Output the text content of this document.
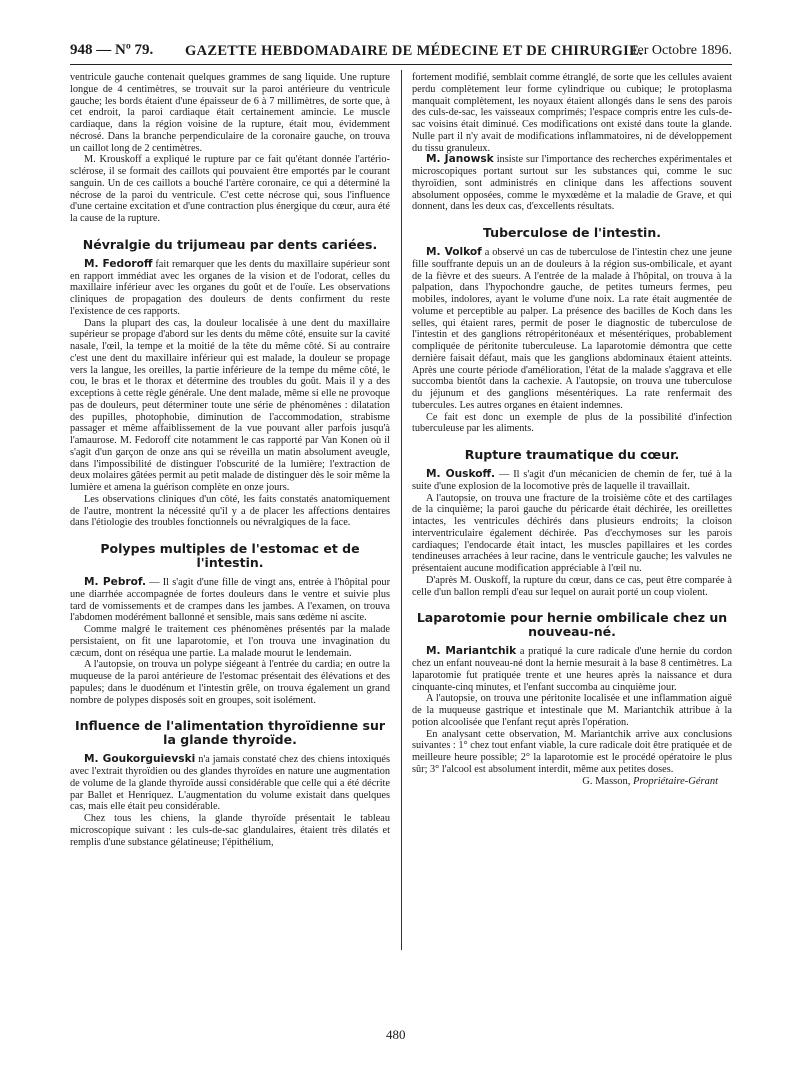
948 — Nº 79. GAZETTE HEBDOMADAIRE DE MÉDECINE ET DE CHIRURGIE.
1er Octobre 1896.

ventricule gauche contenait quelques grammes de sang liquide. Une rupture longue de 4 centimètres, se trouvait sur la paroi antérieure du ventricule gauche; les bords étaient d'une épaisseur de 6 à 7 millimètres, de sorte que, à cet endroit, la paroi cardiaque était certainement amincie. Le muscle cardiaque, dans la région voisine de la rupture, était mou, évidemment nécrosé. Dans la branche perpendiculaire de la coronaire gauche, on trouva un caillot long de 2 centimètres.

M. Krouskoff a expliqué le rupture par ce fait qu'étant donnée l'artério-sclérose, il se formait des caillots qui pouvaient être emportés par le courant sanguin. Un de ces caillots a bouché l'artère coronaire, ce qui a déterminé la nécrose de la paroi du ventricule. C'est cette nécrose qui, sous l'influence d'une certaine excitation et d'une contraction plus énergique du cœur, aura été la cause de la rupture.

Névralgie du trijumeau par dents cariées.

M. Fedoroff fait remarquer que les dents du maxillaire supérieur sont en rapport immédiat avec les organes de la vision et de l'odorat, celles du maxillaire inférieur avec les organes du goût et de l'ouïe. Les observations cliniques de propagation des douleurs de dents confirment du reste l'existence de ces rapports.

Dans la plupart des cas, la douleur localisée à une dent du maxillaire supérieur se propage d'abord sur les dents du même côté, ensuite sur la cavité nasale, l'œil, la tempe et la moitié de la tête du même côté. Si au contraire c'est une dent du maxillaire inférieur qui est malade, la douleur se propage vers la langue, les oreilles, la partie inférieure de la tempe du même côté, le cou, le bras et le thorax et détermine des troubles du goût. Mais il y a des exceptions à cette règle générale. Une dent malade, même si elle ne provoque pas de douleurs, peut déterminer toute une série de phénomènes : dilatation des pupilles, photophobie, diminution de l'accommodation, strabisme passager et même affaiblissement de la vue pouvant aller parfois jusqu'à l'amaurose. M. Fedoroff cite notamment le cas rapporté par Van Konen où il s'agit d'un garçon de onze ans qui se réveilla un matin absolument aveugle, dans l'impossibilité de distinguer l'obscurité de la lumière; l'extraction de deux molaires gâtées permit au petit malade de distinguer dès le soir même la lumière et amena la guérison complète en onze jours.

Les observations cliniques d'un côté, les faits constatés anatomiquement de l'autre, montrent la nécessité qu'il y a de placer les affections dentaires dans l'étiologie des troubles fonctionnels ou névralgiques de la face.

Polypes multiples de l'estomac et de l'intestin.

M. Pebrof. — Il s'agit d'une fille de vingt ans, entrée à l'hôpital pour une diarrhée accompagnée de fortes douleurs dans le ventre et suivie plus tard de vomissements et de crampes dans les jambes. A l'examen, on trouva l'abdomen modérément ballonné et sensible, mais sans œdème ni ascite.

Comme malgré le traitement ces phénomènes présentés par la malade persistaient, on fit une laparotomie, et l'on trouva une invagination du cæcum, dont on réséqua une partie. La malade mourut le lendemain.

A l'autopsie, on trouva un polype siégeant à l'entrée du cardia; en outre la muqueuse de la paroi antérieure de l'estomac présentait des élévations et des papules; dans le duodénum et l'intestin grêle, on trouva également un grand nombre de polypes disposés soit en groupes, soit isolément.

Influence de l'alimentation thyroïdienne sur la glande thyroïde.

M. Goukorguievski n'a jamais constaté chez des chiens intoxiqués avec l'extrait thyroïdien ou des glandes thyroïdes en nature une augmentation de volume de la glande thyroïde aussi considérable que celle qui a été décrite par Ballet et Henriquez. L'augmentation du volume existait dans quelques cas, mais elle était peu considérable.

Chez tous les chiens, la glande thyroïde présentait le tableau microscopique suivant : les culs-de-sac glandulaires, étaient très dilatés et remplis d'une substance gélatineuse; l'épithélium,

fortement modifié, semblait comme étranglé, de sorte que les cellules avaient perdu complètement leur forme cylindrique ou cubique; le protoplasma manquait complètement, les noyaux étaient allongés dans le sens des parois des culs-de-sac, les vaisseaux comprimés; l'espace compris entre les culs-de-sac voisins était diminué. Ces modifications ont existé dans toute la glande. Nulle part il n'y avait de modifications inflammatoires, ni de développement du tissu granuleux.

M. Janowsk insiste sur l'importance des recherches expérimentales et microscopiques portant surtout sur les substances qui, comme le suc thyroïdien, sont administrés en clinique dans les affections souvent absolument opposées, comme le myxœdème et la maladie de Grave, et qui donnent, dans les deux cas, d'excellents résultats.

Tuberculose de l'intestin.

M. Volkof a observé un cas de tuberculose de l'intestin chez une jeune fille souffrante depuis un an de douleurs à la région sus-ombilicale, et ayant de la fièvre et des sueurs. A l'entrée de la malade à l'hôpital, on trouva à la palpation, dans l'hypochondre gauche, de petites tumeurs fermes, peu mobiles, indolores, ayant le volume d'une noix. La rate était augmentée de volume et perceptible au palper. La présence des bacilles de Koch dans les selles, qui étaient rares, permit de poser le diagnostic de tuberculose de l'intestin et des ganglions rétropéritonéaux et mésentériques, probablement compliquée de péritonite tuberculeuse. La laparotomie démontra que cette dernière faisait défaut, mais que les ganglions abdominaux étaient atteints. Après une courte période d'amélioration, l'état de la malade s'aggrava et elle succomba bientôt dans la cachexie. A l'autopsie, on trouva une tuberculose du jéjunum et des ganglions mésentériques. La rate renfermait des tubercules. Les autres organes en étaient indemnes.

Ce fait est donc un exemple de plus de la possibilité d'infection tuberculeuse par les aliments.

Rupture traumatique du cœur.

M. Ouskoff. — Il s'agit d'un mécanicien de chemin de fer, tué à la suite d'une explosion de la locomotive près de laquelle il travaillait.

A l'autopsie, on trouva une fracture de la troisième côte et des cartilages de la cinquième; la paroi gauche du péricarde était déchirée, les oreillettes intactes, les ventricules déchirés dans plusieurs endroits; la cloison interventriculaire également déchirée. Pas d'ecchymoses sur les parois cardiaques; l'endocarde était intact, les muscles papillaires et les cordes tendineuses arrachées à leur racine, dans le ventricule gauche; les valvules ne présentaient aucune modification appréciable à l'œil nu.

D'après M. Ouskoff, la rupture du cœur, dans ce cas, peut être comparée à celle d'un ballon rempli d'eau sur lequel on aurait porté un coup violent.

Laparotomie pour hernie ombilicale chez un nouveau-né.

M. Mariantchik a pratiqué la cure radicale d'une hernie du cordon chez un enfant nouveau-né dont la hernie mesurait à la base 8 centimètres. La laparotomie fut pratiquée trente et une heures après la naissance et dura cinquante-cinq minutes, et l'enfant succomba au cinquième jour.

A l'autopsie, on trouva une péritonite localisée et une inflammation aiguë de la muqueuse gastrique et intestinale que M. Mariantchik attribue à la potion alcoolisée que l'enfant reçut après l'opération.

En analysant cette observation, M. Mariantchik arrive aux conclusions suivantes : 1° chez tout enfant viable, la cure radicale doit être pratiquée et de meilleure heure possible; 2° la laparotomie est le procédé opératoire le plus sûr; 3° l'alcool est absolument interdit, même aux petites doses.

G. Masson, Propriétaire-Gérant

480
